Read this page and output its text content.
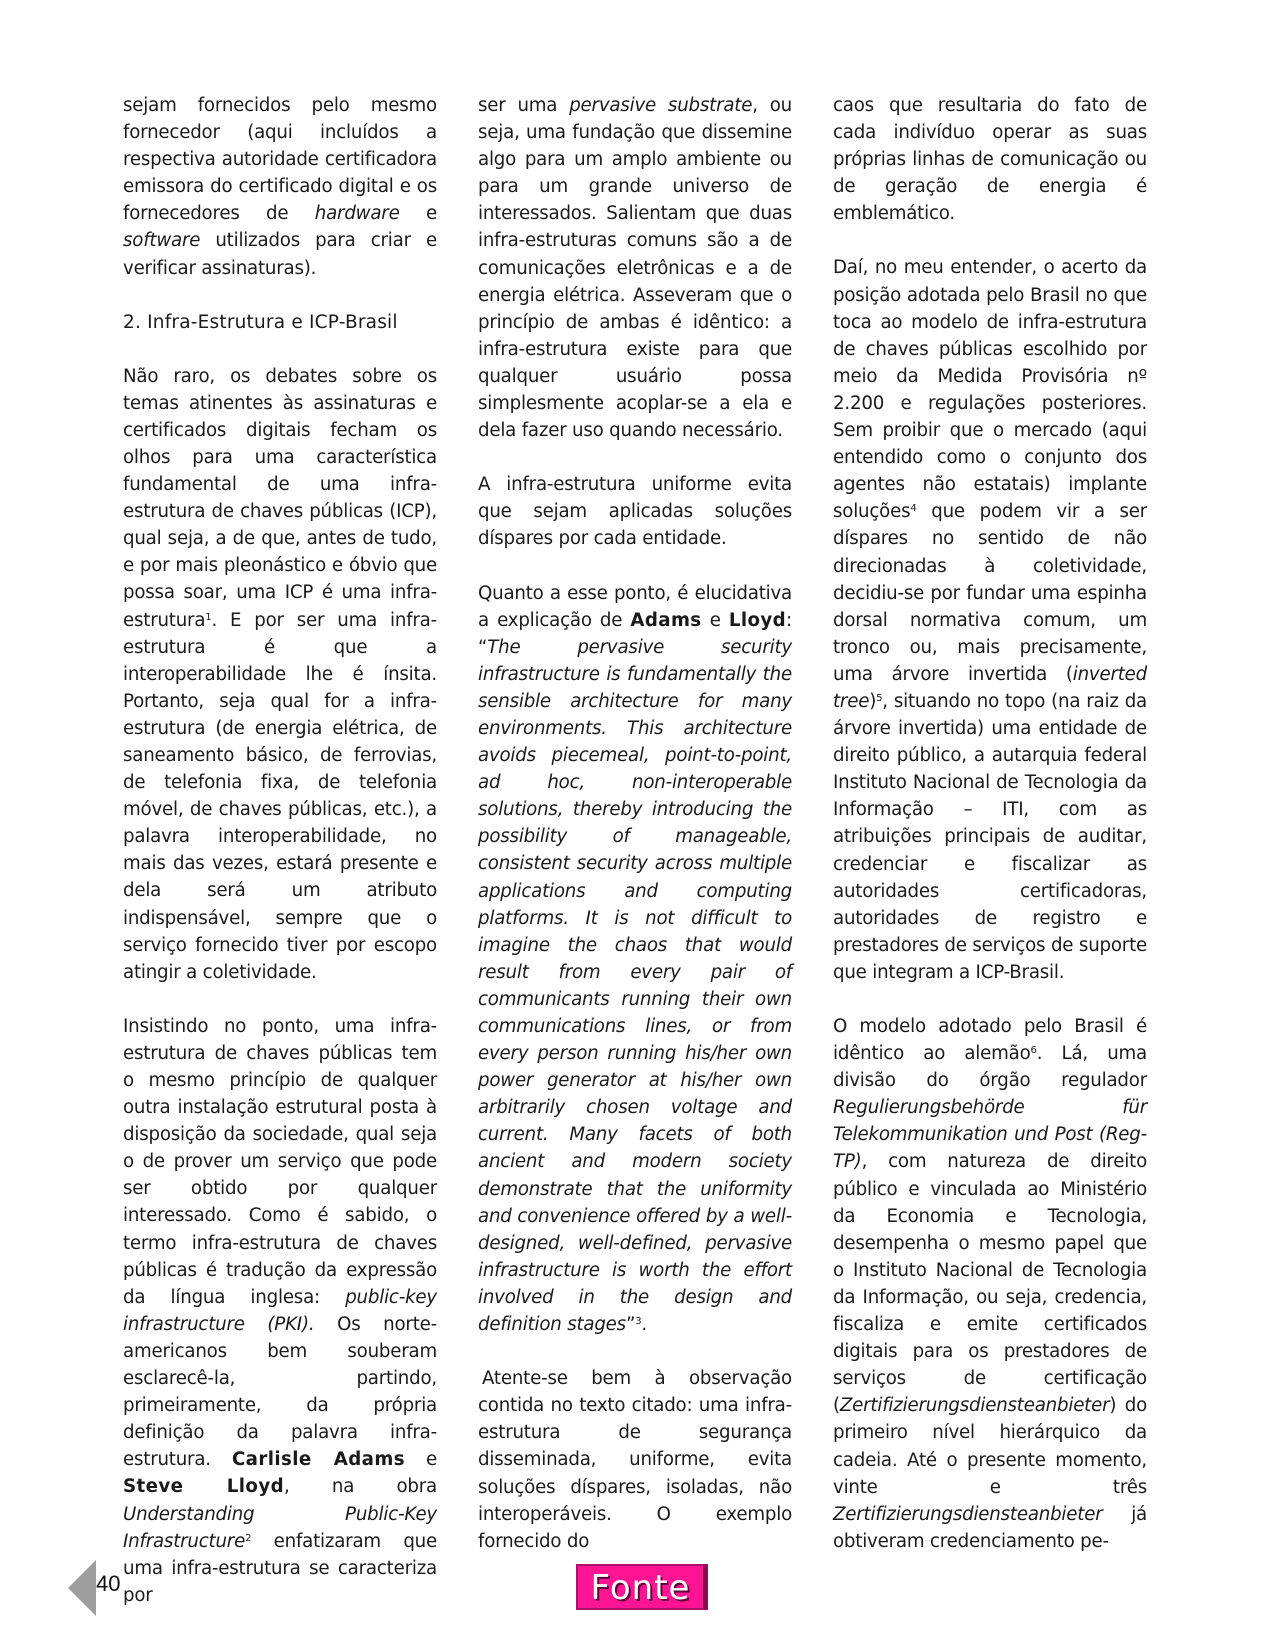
sejam fornecidos pelo mesmo fornecedor (aqui incluídos a respectiva autoridade certificadora emissora do certificado digital e os fornecedores de hardware e software utilizados para criar e verificar assinaturas).

2. Infra-Estrutura e ICP-Brasil

Não raro, os debates sobre os temas atinentes às assinaturas e certificados digitais fecham os olhos para uma característica fundamental de uma infra-estrutura de chaves públicas (ICP), qual seja, a de que, antes de tudo, e por mais pleonástico e óbvio que possa soar, uma ICP é uma infra-estrutura$^1$. E por ser uma infra-estrutura é que a interoperabilidade lhe é ínsita. Portanto, seja qual for a infra-estrutura (de energia elétrica, de saneamento básico, de ferrovias, de telefonia fixa, de telefonia móvel, de chaves públicas, etc.), a palavra interoperabilidade, no mais das vezes, estará presente e dela será um atributo indispensável, sempre que o serviço fornecido tiver por escopo atingir a coletividade.

Insistindo no ponto, uma infra-estrutura de chaves públicas tem o mesmo princípio de qualquer outra instalação estrutural posta à disposição da sociedade, qual seja o de prover um serviço que pode ser obtido por qualquer interessado. Como é sabido, o termo infra-estrutura de chaves públicas é tradução da expressão da língua inglesa: public-key infrastructure (PKI). Os norte-americanos bem souberam esclarecê-la, partindo, primeiramente, da própria definição da palavra infra-estrutura. Carlisle Adams e Steve Lloyd, na obra Understanding Public-Key Infrastructure$^2$ enfatizaram que uma infra-estrutura se caracteriza por

ser uma pervasive substrate, ou seja, uma fundação que dissemine algo para um amplo ambiente ou para um grande universo de interessados. Salientam que duas infra-estruturas comuns são a de comunicações eletrônicas e a de energia elétrica. Asseveram que o princípio de ambas é idêntico: a infra-estrutura existe para que qualquer usuário possa simplesmente acoplar-se a ela e dela fazer uso quando necessário.

A infra-estrutura uniforme evita que sejam aplicadas soluções díspares por cada entidade.

Quanto a esse ponto, é elucidativa a explicação de Adams e Lloyd: “The pervasive security infrastructure is fundamentally the sensible architecture for many environments. This architecture avoids piecemeal, point-to-point, ad hoc, non-interoperable solutions, thereby introducing the possibility of manageable, consistent security across multiple applications and computing platforms. It is not difficult to imagine the chaos that would result from every pair of communicants running their own communications lines, or from every person running his/her own power generator at his/her own arbitrarily chosen voltage and current. Many facets of both ancient and modern society demonstrate that the uniformity and convenience offered by a well-designed, well-defined, pervasive infrastructure is worth the effort involved in the design and definition stages”$^3$.

Atente-se bem à observação contida no texto citado: uma infra-estrutura de segurança disseminada, uniforme, evita soluções díspares, isoladas, não interoperáveis. O exemplo fornecido do

caos que resultaria do fato de cada indivíduo operar as suas próprias linhas de comunicação ou de geração de energia é emblemático.

Daí, no meu entender, o acerto da posição adotada pelo Brasil no que toca ao modelo de infra-estrutura de chaves públicas escolhido por meio da Medida Provisória nº 2.200 e regulações posteriores. Sem proibir que o mercado (aqui entendido como o conjunto dos agentes não estatais) implante soluções$^4$ que podem vir a ser díspares no sentido de não direcionadas à coletividade, decidiu-se por fundar uma espinha dorsal normativa comum, um tronco ou, mais precisamente, uma árvore invertida (inverted tree)$^5$, situando no topo (na raiz da árvore invertida) uma entidade de direito público, a autarquia federal Instituto Nacional de Tecnologia da Informação – ITI, com as atribuições principais de auditar, credenciar e fiscalizar as autoridades certificadoras, autoridades de registro e prestadores de serviços de suporte que integram a ICP-Brasil.

O modelo adotado pelo Brasil é idêntico ao alemão$^6$. Lá, uma divisão do órgão regulador Regulierungsbehörde für Telekommunikation und Post (Reg-TP), com natureza de direito público e vinculada ao Ministério da Economia e Tecnologia, desempenha o mesmo papel que o Instituto Nacional de Tecnologia da Informação, ou seja, credencia, fiscaliza e emite certificados digitais para os prestadores de serviços de certificação (Zertifizierungsdiensteanbieter) do primeiro nível hierárquico da cadeia. Até o presente momento, vinte e três Zertifizierungsdiensteanbieter já obtiveram credenciamento pe-

40	Fonte
